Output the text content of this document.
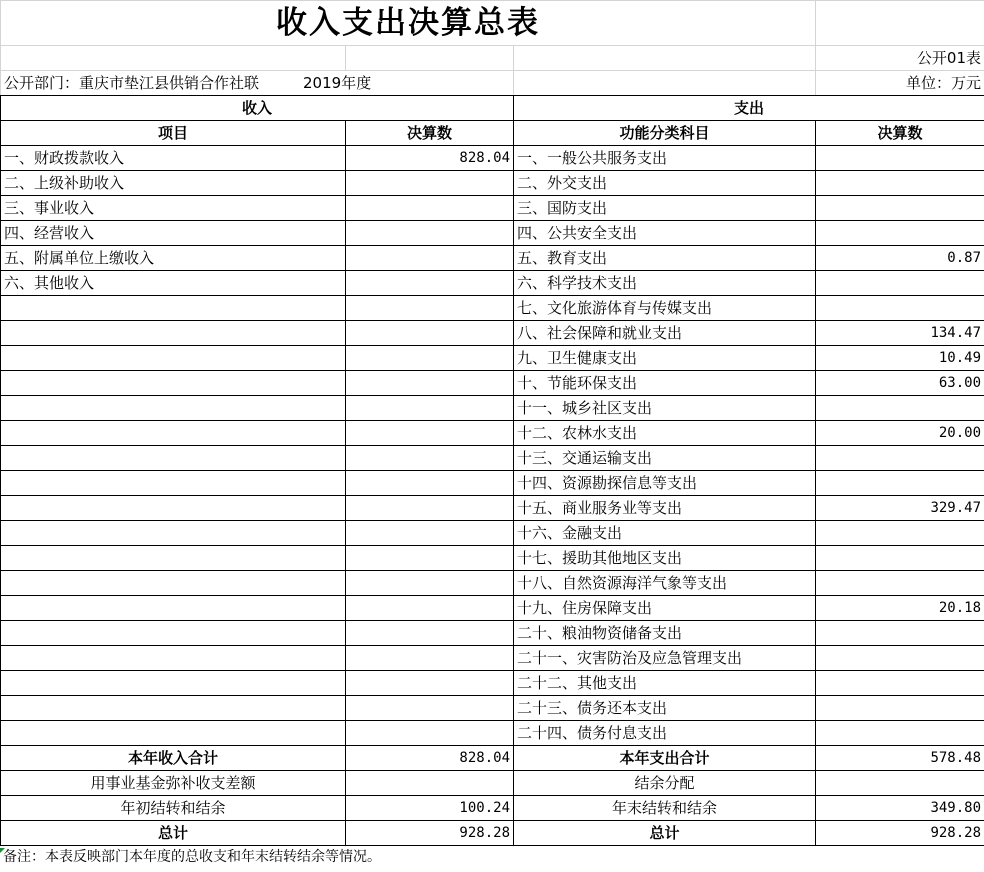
收入支出决算总表			
			公开01表
公开部门：重庆市垫江县供销合作社联 2019年度			单位：万元
收入		支出	
项目	决算数	功能分类科目	决算数
一、财政拨款收入	828.04	一、一般公共服务支出	
二、上级补助收入		二、外交支出	
三、事业收入		三、国防支出	
四、经营收入		四、公共安全支出	
五、附属单位上缴收入		五、教育支出	0.87
六、其他收入		六、科学技术支出	
		七、文化旅游体育与传媒支出	
		八、社会保障和就业支出	134.47
		九、卫生健康支出	10.49
		十、节能环保支出	63.00
		十一、城乡社区支出	
		十二、农林水支出	20.00
		十三、交通运输支出	
		十四、资源勘探信息等支出	
		十五、商业服务业等支出	329.47
		十六、金融支出	
		十七、援助其他地区支出	
		十八、自然资源海洋气象等支出	
		十九、住房保障支出	20.18
		二十、粮油物资储备支出	
		二十一、灾害防治及应急管理支出	
		二十二、其他支出	
		二十三、债务还本支出	
		二十四、债务付息支出	
本年收入合计	828.04	本年支出合计	578.48
用事业基金弥补收支差额		结余分配	
年初结转和结余	100.24	年末结转和结余	349.80
总计	928.28	总计	928.28
备注：本表反映部门本年度的总收支和年末结转结余等情况。
